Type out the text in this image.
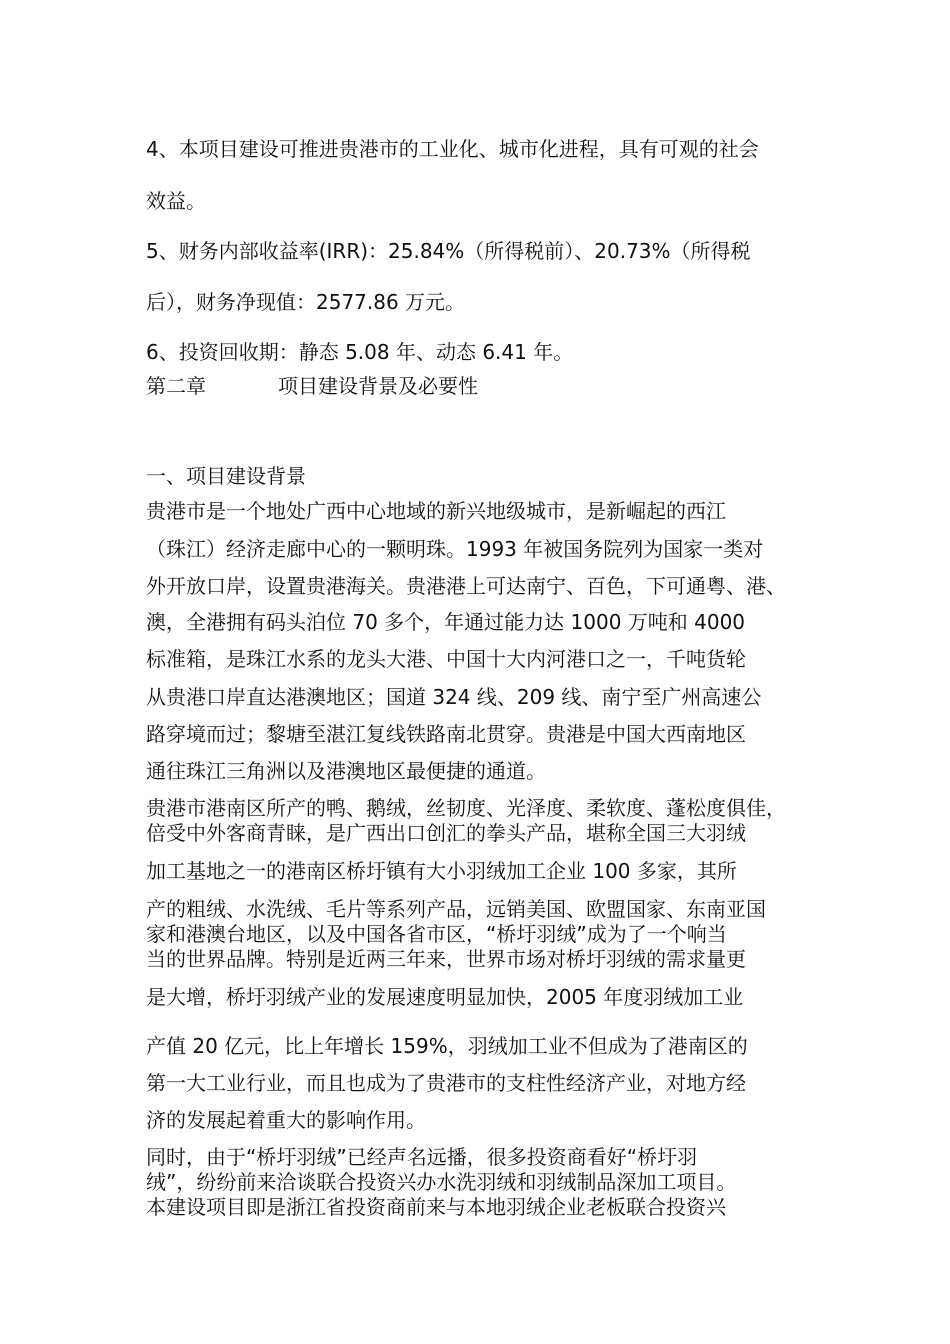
4、本项目建设可推进贵港市的工业化、城市化进程，具有可观的社会

效益。

5、财务内部收益率(IRR)：25.84%（所得税前）、20.73%（所得税

后），财务净现值：2577.86 万元。

6、投资回收期：静态 5.08 年、动态 6.41 年。

第二章	项目建设背景及必要性

一、项目建设背景

贵港市是一个地处广西中心地域的新兴地级城市，是新崛起的西江

（珠江）经济走廊中心的一颗明珠。1993 年被国务院列为国家一类对

外开放口岸，设置贵港海关。贵港港上可达南宁、百色，下可通粤、港、

澳，全港拥有码头泊位 70 多个，年通过能力达 1000 万吨和 4000

标准箱，是珠江水系的龙头大港、中国十大内河港口之一，千吨货轮

从贵港口岸直达港澳地区；国道 324 线、209 线、南宁至广州高速公

路穿境而过；黎塘至湛江复线铁路南北贯穿。贵港是中国大西南地区

通往珠江三角洲以及港澳地区最便捷的通道。

贵港市港南区所产的鸭、鹅绒，丝韧度、光泽度、柔软度、蓬松度俱佳，

倍受中外客商青睐，是广西出口创汇的拳头产品，堪称全国三大羽绒

加工基地之一的港南区桥圩镇有大小羽绒加工企业 100 多家，其所

产的粗绒、水洗绒、毛片等系列产品，远销美国、欧盟国家、东南亚国

家和港澳台地区，以及中国各省市区，“桥圩羽绒”成为了一个响当

当的世界品牌。特别是近两三年来，世界市场对桥圩羽绒的需求量更

是大增，桥圩羽绒产业的发展速度明显加快，2005 年度羽绒加工业

产值 20 亿元，比上年增长 159%，羽绒加工业不但成为了港南区的

第一大工业行业，而且也成为了贵港市的支柱性经济产业，对地方经

济的发展起着重大的影响作用。

同时，由于“桥圩羽绒”已经声名远播，很多投资商看好“桥圩羽

绒”，纷纷前来洽谈联合投资兴办水洗羽绒和羽绒制品深加工项目。

本建设项目即是浙江省投资商前来与本地羽绒企业老板联合投资兴
